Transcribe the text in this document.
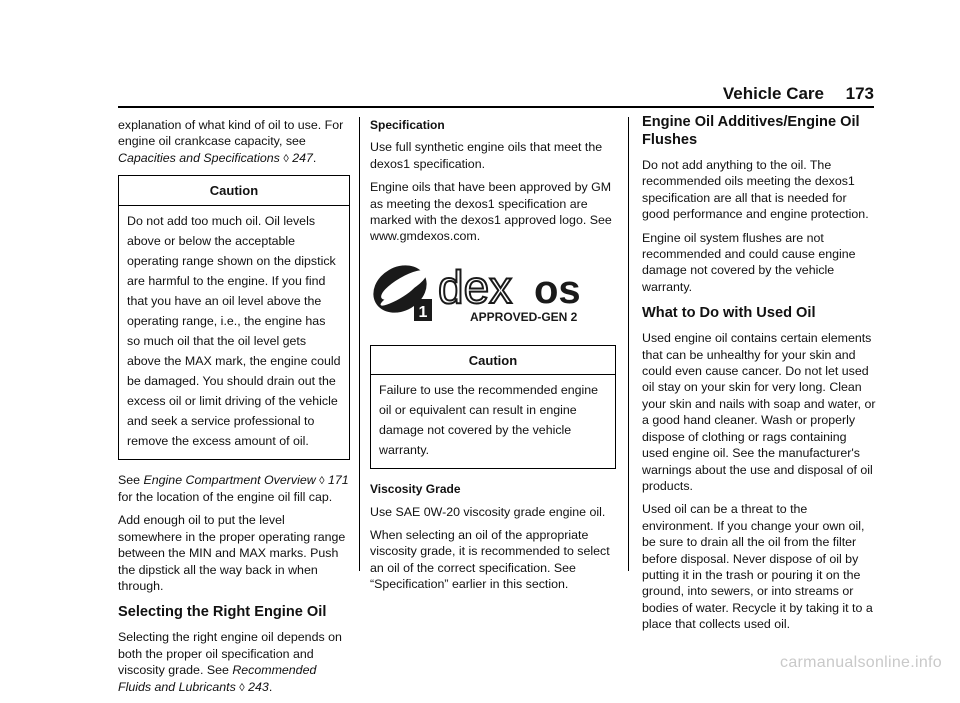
Vehicle Care 173

explanation of what kind of oil to use. For engine oil crankcase capacity, see Capacities and Specifications ◊ 247.

Caution
Do not add too much oil. Oil levels above or below the acceptable operating range shown on the dipstick are harmful to the engine. If you find that you have an oil level above the operating range, i.e., the engine has so much oil that the oil level gets above the MAX mark, the engine could be damaged. You should drain out the excess oil or limit driving of the vehicle and seek a service professional to remove the excess amount of oil.

See Engine Compartment Overview ◊ 171 for the location of the engine oil fill cap.

Add enough oil to put the level somewhere in the proper operating range between the MIN and MAX marks. Push the dipstick all the way back in when through.

Selecting the Right Engine Oil

Selecting the right engine oil depends on both the proper oil specification and viscosity grade. See Recommended Fluids and Lubricants ◊ 243.

Specification

Use full synthetic engine oils that meet the dexos1 specification.

Engine oils that have been approved by GM as meeting the dexos1 specification are marked with the dexos1 approved logo. See www.gmdexos.com.

1 dex os
APPROVED-GEN 2
Caution
Failure to use the recommended engine oil or equivalent can result in engine damage not covered by the vehicle warranty.
Viscosity Grade

Use SAE 0W-20 viscosity grade engine oil.

When selecting an oil of the appropriate viscosity grade, it is recommended to select an oil of the correct specification. See “Specification” earlier in this section.

Engine Oil Additives/Engine Oil Flushes

Do not add anything to the oil. The recommended oils meeting the dexos1 specification are all that is needed for good performance and engine protection.

Engine oil system flushes are not recommended and could cause engine damage not covered by the vehicle warranty.

What to Do with Used Oil

Used engine oil contains certain elements that can be unhealthy for your skin and could even cause cancer. Do not let used oil stay on your skin for very long. Clean your skin and nails with soap and water, or a good hand cleaner. Wash or properly dispose of clothing or rags containing used engine oil. See the manufacturer's warnings about the use and disposal of oil products.

Used oil can be a threat to the environment. If you change your own oil, be sure to drain all the oil from the filter before disposal. Never dispose of oil by putting it in the trash or pouring it on the ground, into sewers, or into streams or bodies of water. Recycle it by taking it to a place that collects used oil.

carmanualsonline.info
